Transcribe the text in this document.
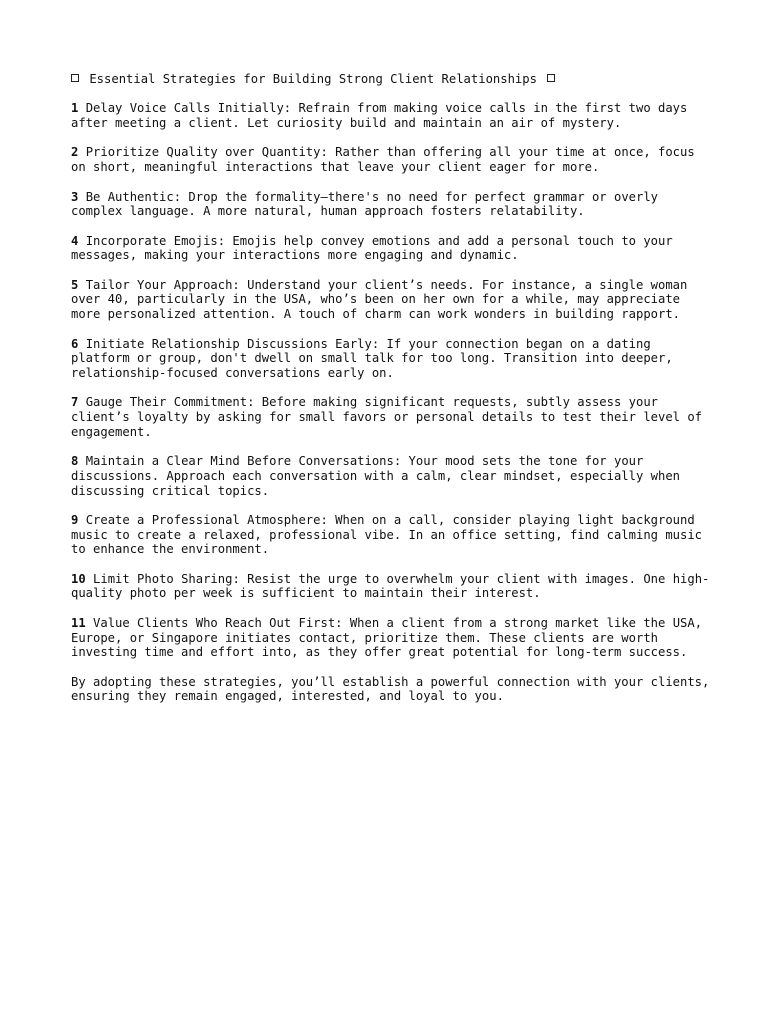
Essential Strategies for Building Strong Client Relationships
1 Delay Voice Calls Initially: Refrain from making voice calls in the first two days after meeting a client. Let curiosity build and maintain an air of mystery.
2 Prioritize Quality over Quantity: Rather than offering all your time at once, focus on short, meaningful interactions that leave your client eager for more.
3 Be Authentic: Drop the formality—there's no need for perfect grammar or overly complex language. A more natural, human approach fosters relatability.
4 Incorporate Emojis: Emojis help convey emotions and add a personal touch to your messages, making your interactions more engaging and dynamic.
5 Tailor Your Approach: Understand your client’s needs. For instance, a single woman over 40, particularly in the USA, who’s been on her own for a while, may appreciate more personalized attention. A touch of charm can work wonders in building rapport.
6 Initiate Relationship Discussions Early: If your connection began on a dating platform or group, don't dwell on small talk for too long. Transition into deeper, relationship-focused conversations early on.
7 Gauge Their Commitment: Before making significant requests, subtly assess your client’s loyalty by asking for small favors or personal details to test their level of engagement.
8 Maintain a Clear Mind Before Conversations: Your mood sets the tone for your discussions. Approach each conversation with a calm, clear mindset, especially when discussing critical topics.
9 Create a Professional Atmosphere: When on a call, consider playing light background music to create a relaxed, professional vibe. In an office setting, find calming music to enhance the environment.
10 Limit Photo Sharing: Resist the urge to overwhelm your client with images. One high-quality photo per week is sufficient to maintain their interest.
11 Value Clients Who Reach Out First: When a client from a strong market like the USA, Europe, or Singapore initiates contact, prioritize them. These clients are worth investing time and effort into, as they offer great potential for long-term success.
By adopting these strategies, you’ll establish a powerful connection with your clients, ensuring they remain engaged, interested, and loyal to you.
